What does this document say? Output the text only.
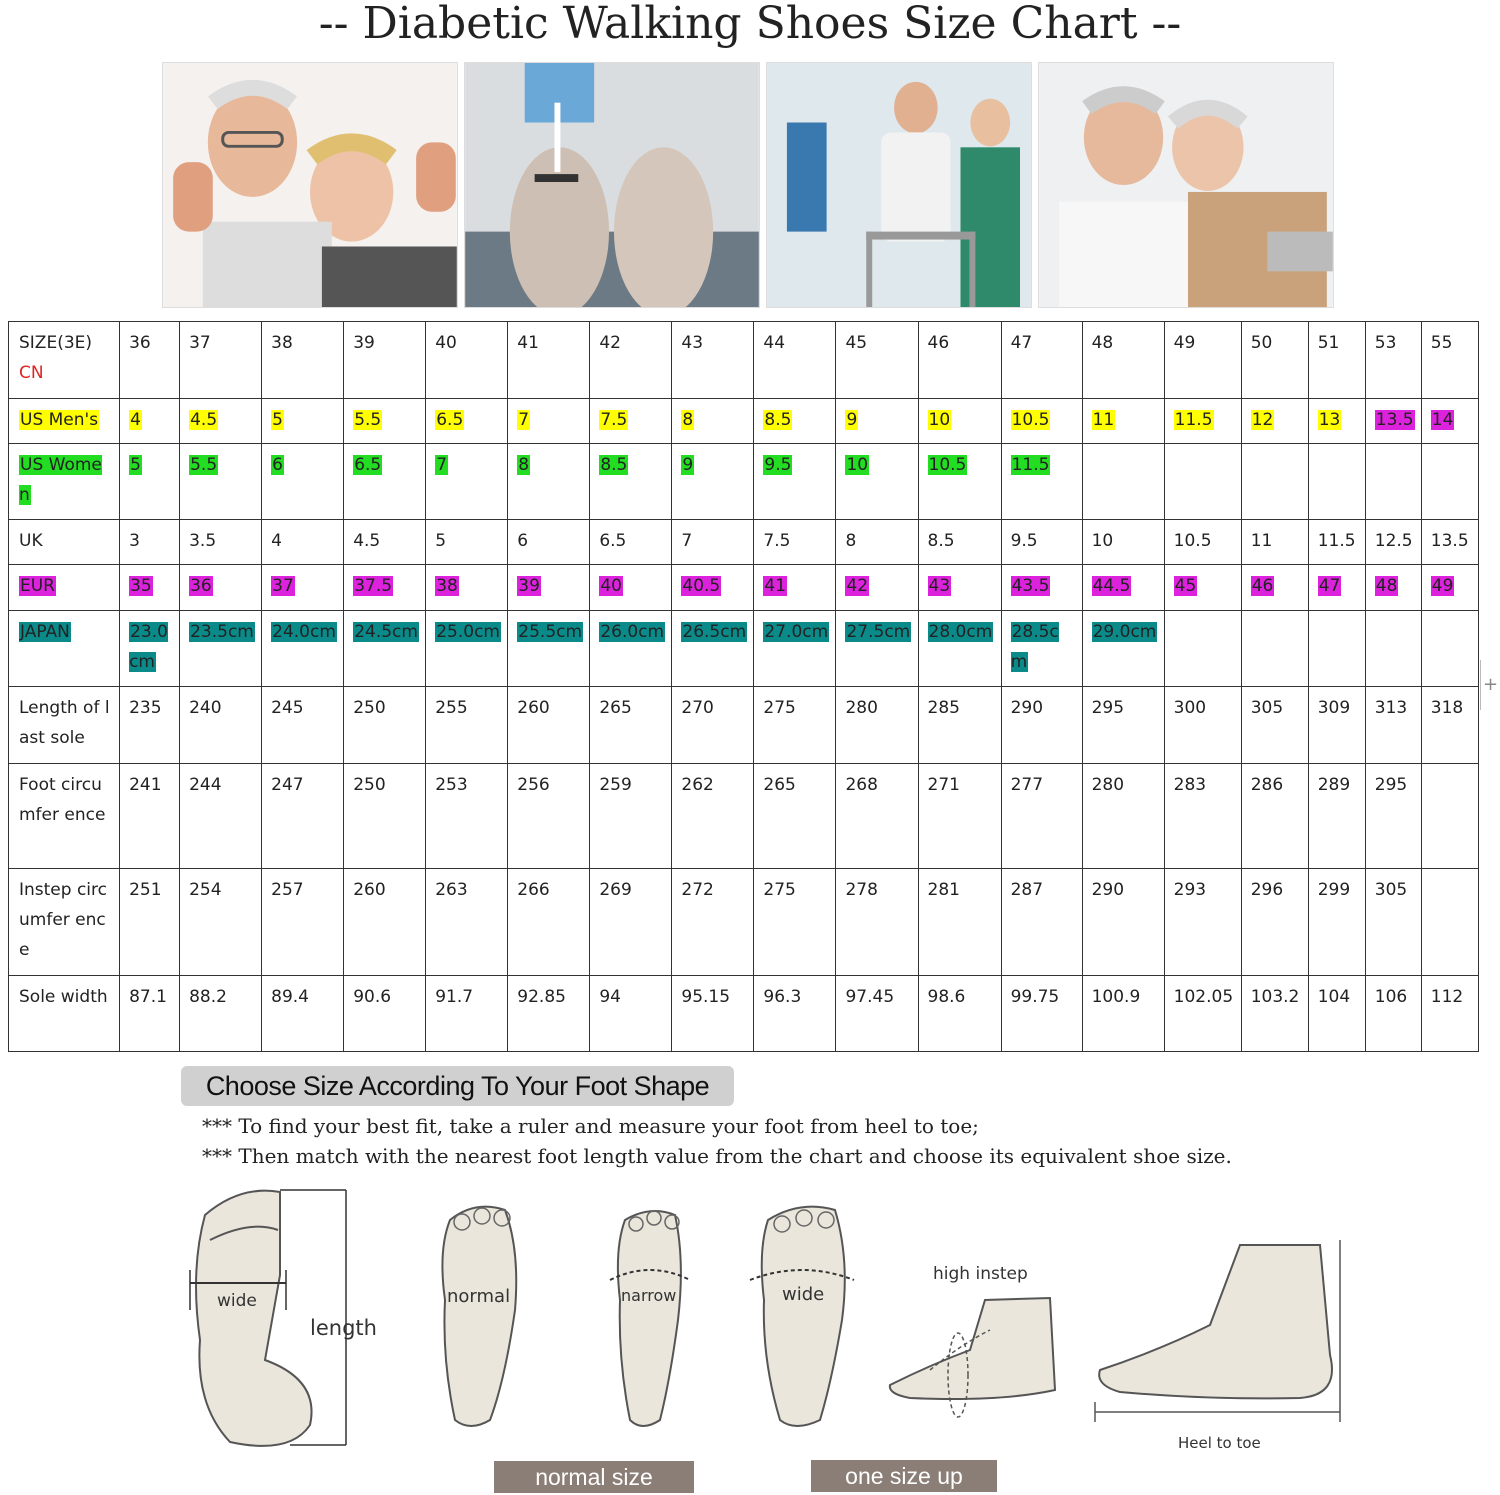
-- Diabetic Walking Shoes Size Chart --
SIZE(3E)
CN	36	37	38	39	40	41	42	43	44	45	46	47	48	49	50	51	53	55
US Men's	4	4.5	5	5.5	6.5	7	7.5	8	8.5	9	10	10.5	11	11.5	12	13	13.5	14
US Women	5	5.5	6	6.5	7	8	8.5	9	9.5	10	10.5	11.5						
UK	3	3.5	4	4.5	5	6	6.5	7	7.5	8	8.5	9.5	10	10.5	11	11.5	12.5	13.5
EUR	35	36	37	37.5	38	39	40	40.5	41	42	43	43.5	44.5	45	46	47	48	49
JAPAN	23.0cm	23.5cm	24.0cm	24.5cm	25.0cm	25.5cm	26.0cm	26.5cm	27.0cm	27.5cm	28.0cm	28.5cm	29.0cm					
Length of last sole	235	240	245	250	255	260	265	270	275	280	285	290	295	300	305	309	313	318
Foot circumfer ence	241	244	247	250	253	256	259	262	265	268	271	277	280	283	286	289	295	
Instep circumfer ence	251	254	257	260	263	266	269	272	275	278	281	287	290	293	296	299	305	
Sole width	87.1	88.2	89.4	90.6	91.7	92.85	94	95.15	96.3	97.45	98.6	99.75	100.9	102.05	103.2	104	106	112
+
Choose Size According To Your Foot Shape
*** To find your best fit, take a ruler and measure your foot from heel to toe;
*** Then match with the nearest foot length value from the chart and choose its equivalent shoe size.
wide
length
normal	narrow	wide
high instep
Heel to toe
normal size	one size up
